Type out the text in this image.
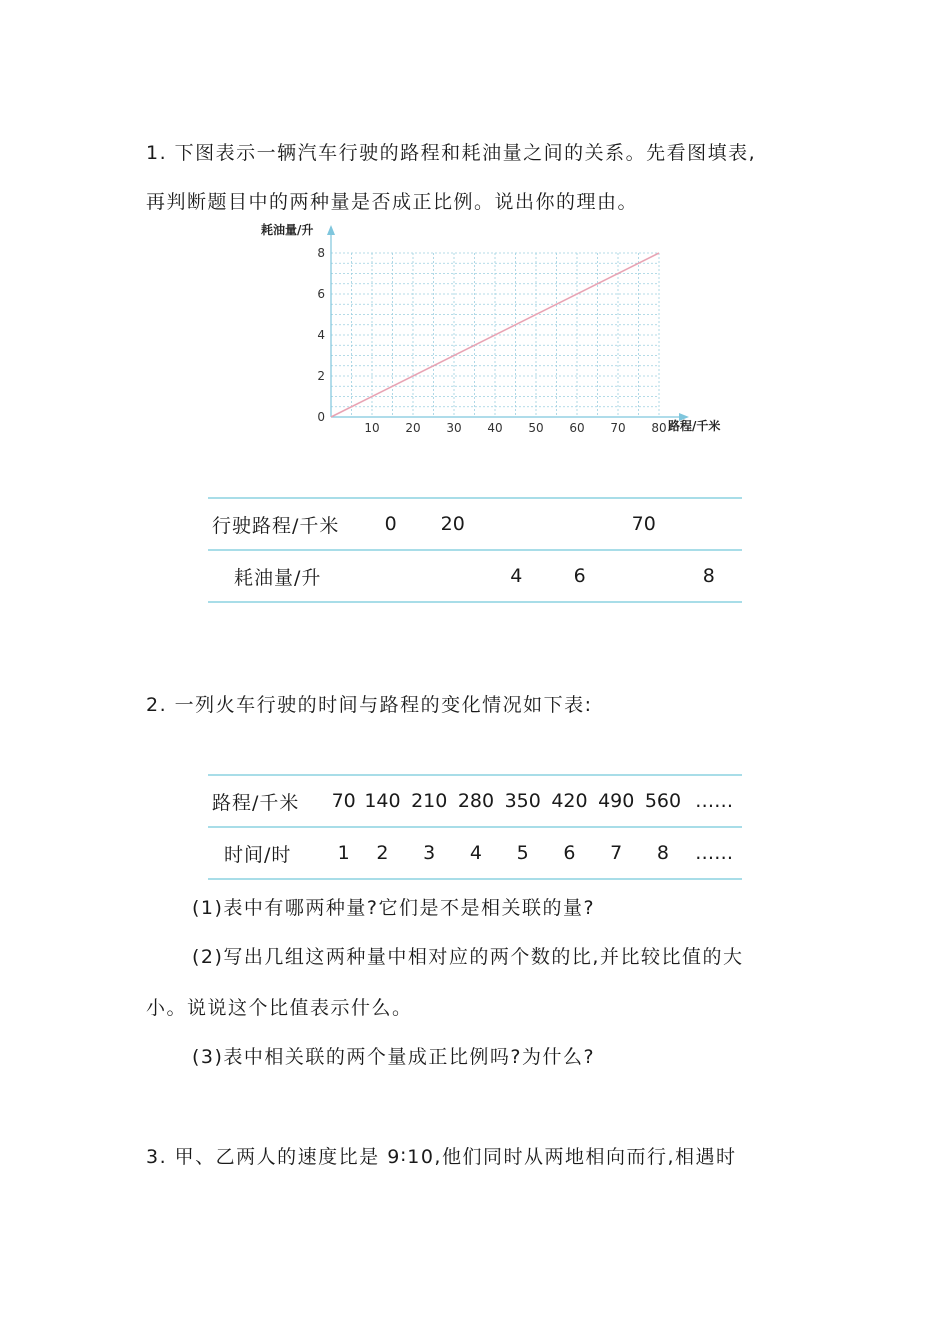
1. 下图表示一辆汽车行驶的路程和耗油量之间的关系。先看图填表,
再判断题目中的两种量是否成正比例。说出你的理由。
10 20 30 40 50 60 70 80
0
2
4
6
8
耗油量/升
路程/千米
行驶路程/千米	0	20			70	
耗油量/升			4	6		8
2. 一列火车行驶的时间与路程的变化情况如下表:
路程/千米	70	140	210	280	350	420	490	560	……
时间/时	1	2	3	4	5	6	7	8	……
(1)表中有哪两种量?它们是不是相关联的量?
(2)写出几组这两种量中相对应的两个数的比,并比较比值的大
小。说说这个比值表示什么。
(3)表中相关联的两个量成正比例吗?为什么?
3. 甲、乙两人的速度比是 9∶10,他们同时从两地相向而行,相遇时
